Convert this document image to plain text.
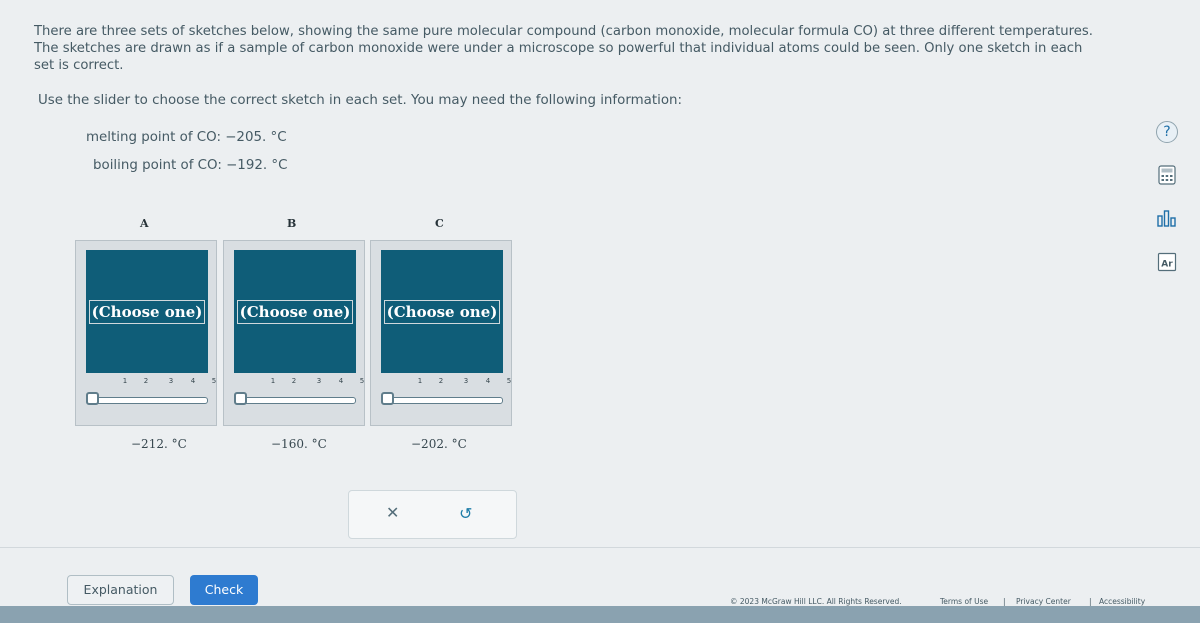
There are three sets of sketches below, showing the same pure molecular compound (carbon monoxide, molecular formula CO) at three different temperatures.
The sketches are drawn as if a sample of carbon monoxide were under a microscope so powerful that individual atoms could be seen. Only one sketch in each
set is correct.
Use the slider to choose the correct sketch in each set. You may need the following information:
melting point of CO: −205. °C
boiling point of CO: −192. °C
A
(Choose one)
1 2	3	4 5
−212. °C
B
(Choose one)
1 2	3	4 5
−160. °C
C
(Choose one)
1 2	3	4 5
−202. °C
✕	↺
Explanation	Check
© 2023 McGraw Hill LLC. All Rights Reserved.	Terms of Use | Privacy Center | Accessibility
?
Ar
